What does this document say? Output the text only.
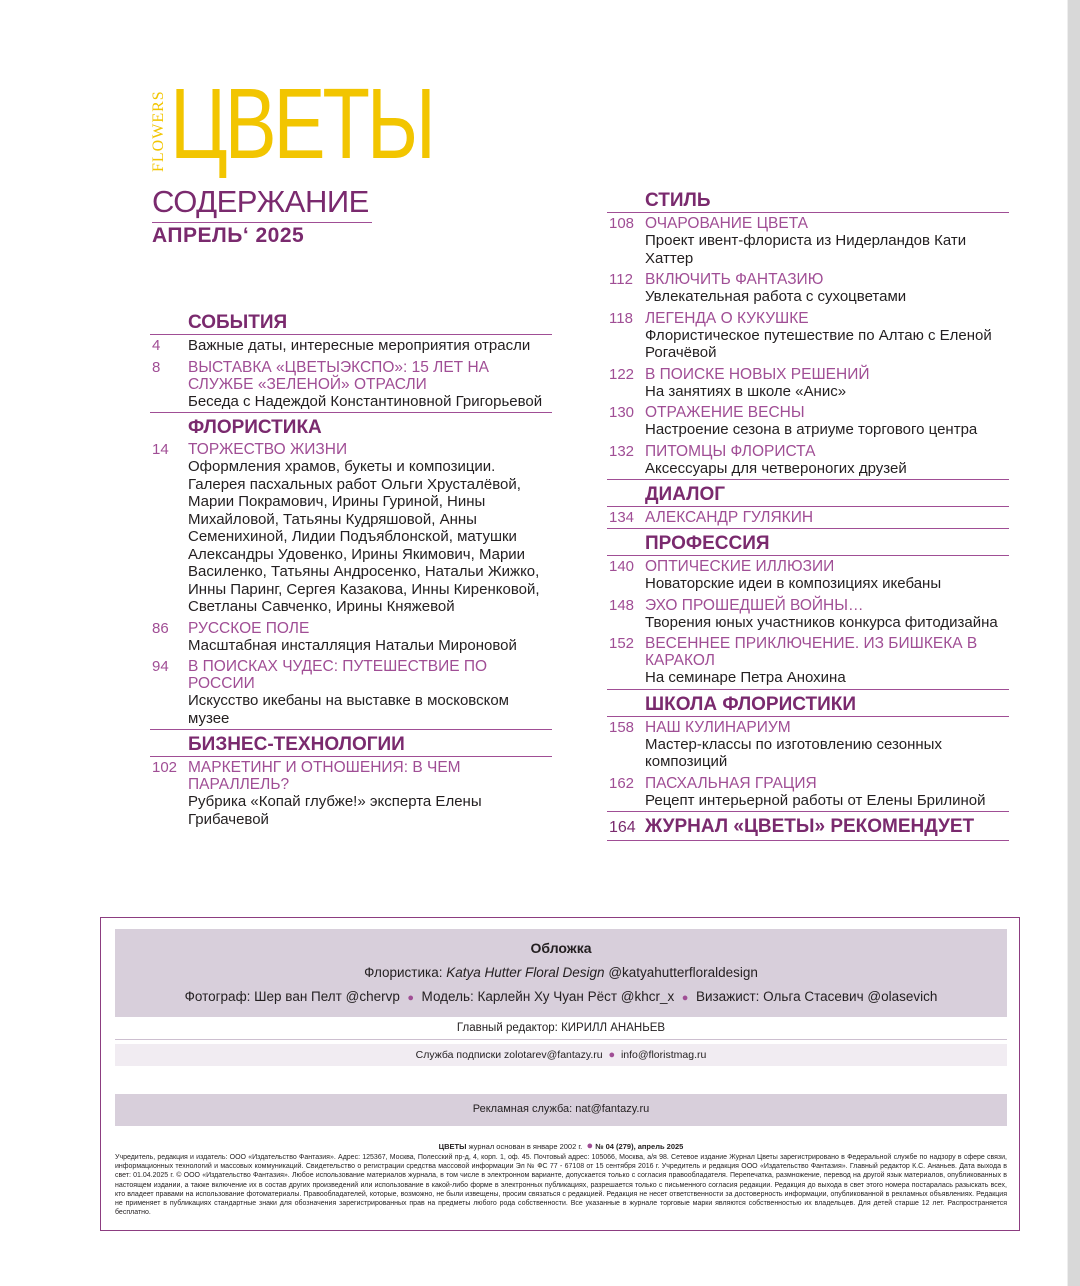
FLOWERS ЦВЕТЫ
СОДЕРЖАНИЕ
АПРЕЛЬ‘ 2025
СОБЫТИЯ
4 Важные даты, интересные мероприятия отрасли
8 ВЫСТАВКА «ЦВЕТЫЭКСПО»: 15 ЛЕТ НА СЛУЖБЕ «ЗЕЛЕНОЙ» ОТРАСЛИ
Беседа с Надеждой Константиновной Григорьевой
ФЛОРИСТИКА
14 ТОРЖЕСТВО ЖИЗНИ
Оформления храмов, букеты и композиции. Галерея пасхальных работ Ольги Хрусталёвой, Марии Покрамович, Ирины Гуриной, Нины Михайловой, Татьяны Кудряшовой, Анны Семенихиной, Лидии Подъяблонской, матушки Александры Удовенко, Ирины Якимович, Марии Василенко, Татьяны Андросенко, Натальи Жижко, Инны Паринг, Сергея Казакова, Инны Киренковой, Светланы Савченко, Ирины Княжевой
86 РУССКОЕ ПОЛЕ
Масштабная инсталляция Натальи Мироновой
94 В ПОИСКАХ ЧУДЕС: ПУТЕШЕСТВИЕ ПО РОССИИ
Искусство икебаны на выставке в московском музее
БИЗНЕС-ТЕХНОЛОГИИ
102 МАРКЕТИНГ И ОТНОШЕНИЯ: В ЧЕМ ПАРАЛЛЕЛЬ?
Рубрика «Копай глубже!» эксперта Елены Грибачевой
СТИЛЬ
108 ОЧАРОВАНИЕ ЦВЕТА
Проект ивент-флориста из Нидерландов Кати Хаттер
112 ВКЛЮЧИТЬ ФАНТАЗИЮ
Увлекательная работа с сухоцветами
118 ЛЕГЕНДА О КУКУШКЕ
Флористическое путешествие по Алтаю с Еленой Рогачёвой
122 В ПОИСКЕ НОВЫХ РЕШЕНИЙ
На занятиях в школе «Анис»
130 ОТРАЖЕНИЕ ВЕСНЫ
Настроение сезона в атриуме торгового центра
132 ПИТОМЦЫ ФЛОРИСТА
Аксессуары для четвероногих друзей
ДИАЛОГ
134 АЛЕКСАНДР ГУЛЯКИН
ПРОФЕССИЯ
140 ОПТИЧЕСКИЕ ИЛЛЮЗИИ
Новаторские идеи в композициях икебаны
148 ЭХО ПРОШЕДШЕЙ ВОЙНЫ…
Творения юных участников конкурса фитодизайна
152 ВЕСЕННЕЕ ПРИКЛЮЧЕНИЕ. ИЗ БИШКЕКА В КАРАКОЛ
На семинаре Петра Анохина
ШКОЛА ФЛОРИСТИКИ
158 НАШ КУЛИНАРИУМ
Мастер-классы по изготовлению сезонных композиций
162 ПАСХАЛЬНАЯ ГРАЦИЯ
Рецепт интерьерной работы от Елены Брилиной
164 ЖУРНАЛ «ЦВЕТЫ» РЕКОМЕНДУЕТ
Обложка
Флористика: Katya Hutter Floral Design @katyahutterfloraldesign
Фотограф: Шер ван Пелт @chervp ● Модель: Карлейн Ху Чуан Рёст @khcr_x ● Визажист: Ольга Стасевич @olasevich
Главный редактор: КИРИЛЛ АНАНЬЕВ
Служба подписки zolotarev@fantazy.ru ● info@floristmag.ru
Рекламная служба: nat@fantazy.ru
ЦВЕТЫ журнал основан в январе 2002 г. ● № 04 (279), апрель 2025
Учредитель, редакция и издатель: ООО «Издательство Фантазия». Адрес: 125367, Москва, Полесский пр-д, 4, корп. 1, оф. 45. Почтовый адрес: 105066, Москва, а/я 98. Сетевое издание Журнал Цветы зарегистрировано в Федеральной службе по надзору в сфере связи, информационных технологий и массовых коммуникаций. Свидетельство о регистрации средства массовой информации Эл № ФС 77 - 67108 от 15 сентября 2016 г. Учредитель и редакция ООО «Издательство Фантазия». Главный редактор К.С. Ананьев. Дата выхода в свет: 01.04.2025 г. © ООО «Издательство Фантазия». Любое использование материалов журнала, в том числе в электронном варианте, допускается только с согласия правообладателя. Перепечатка, размножение, перевод на другой язык материалов, опубликованных в настоящем издании, а также включение их в состав других произведений или использование в какой-либо форме в электронных публикациях, разрешается только с письменного согласия редакции. Редакция до выхода в свет этого номера постаралась разыскать всех, кто владеет правами на использование фотоматериалы. Правообладателей, которые, возможно, не были извещены, просим связаться с редакцией. Редакция не несет ответственности за достоверность информации, опубликованной в рекламных объявлениях. Редакция не применяет в публикациях стандартные знаки для обозначения зарегистрированных прав на предметы любого рода собственности. Все указанные в журнале торговые марки являются собственностью их владельцев. Для детей старше 12 лет. Распространяется бесплатно.
